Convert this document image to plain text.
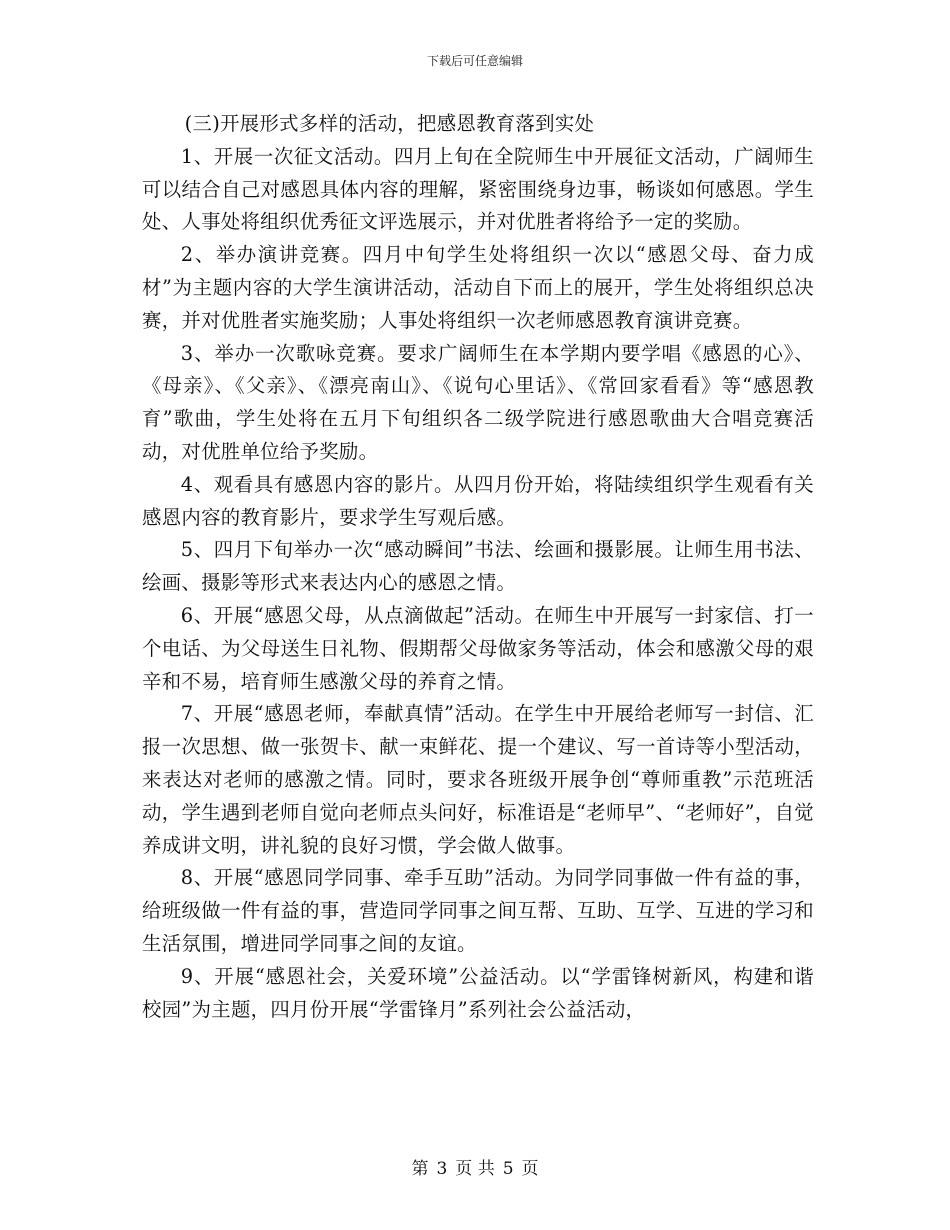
下载后可任意编辑

(三)开展形式多样的活动，把感恩教育落到实处

1、开展一次征文活动。四月上旬在全院师生中开展征文活动，广阔师生可以结合自己对感恩具体内容的理解，紧密围绕身边事，畅谈如何感恩。学生处、人事处将组织优秀征文评选展示，并对优胜者将给予一定的奖励。

2、举办演讲竞赛。四月中旬学生处将组织一次以“感恩父母、奋力成材”为主题内容的大学生演讲活动，活动自下而上的展开，学生处将组织总决赛，并对优胜者实施奖励；人事处将组织一次老师感恩教育演讲竞赛。

3、举办一次歌咏竞赛。要求广阔师生在本学期内要学唱《感恩的心》、《母亲》、《父亲》、《漂亮南山》、《说句心里话》、《常回家看看》等“感恩教育”歌曲，学生处将在五月下旬组织各二级学院进行感恩歌曲大合唱竞赛活动，对优胜单位给予奖励。

4、观看具有感恩内容的影片。从四月份开始，将陆续组织学生观看有关感恩内容的教育影片，要求学生写观后感。

5、四月下旬举办一次“感动瞬间”书法、绘画和摄影展。让师生用书法、绘画、摄影等形式来表达内心的感恩之情。

6、开展“感恩父母，从点滴做起”活动。在师生中开展写一封家信、打一个电话、为父母送生日礼物、假期帮父母做家务等活动，体会和感激父母的艰辛和不易，培育师生感激父母的养育之情。

7、开展“感恩老师，奉献真情”活动。在学生中开展给老师写一封信、汇报一次思想、做一张贺卡、献一束鲜花、提一个建议、写一首诗等小型活动，来表达对老师的感激之情。同时，要求各班级开展争创“尊师重教”示范班活动，学生遇到老师自觉向老师点头问好，标准语是“老师早”、“老师好”，自觉养成讲文明，讲礼貌的良好习惯，学会做人做事。

8、开展“感恩同学同事、牵手互助”活动。为同学同事做一件有益的事，给班级做一件有益的事，营造同学同事之间互帮、互助、互学、互进的学习和生活氛围，增进同学同事之间的友谊。

9、开展“感恩社会，关爱环境”公益活动。以“学雷锋树新风，构建和谐校园”为主题，四月份开展“学雷锋月”系列社会公益活动，

第 3 页 共 5 页
